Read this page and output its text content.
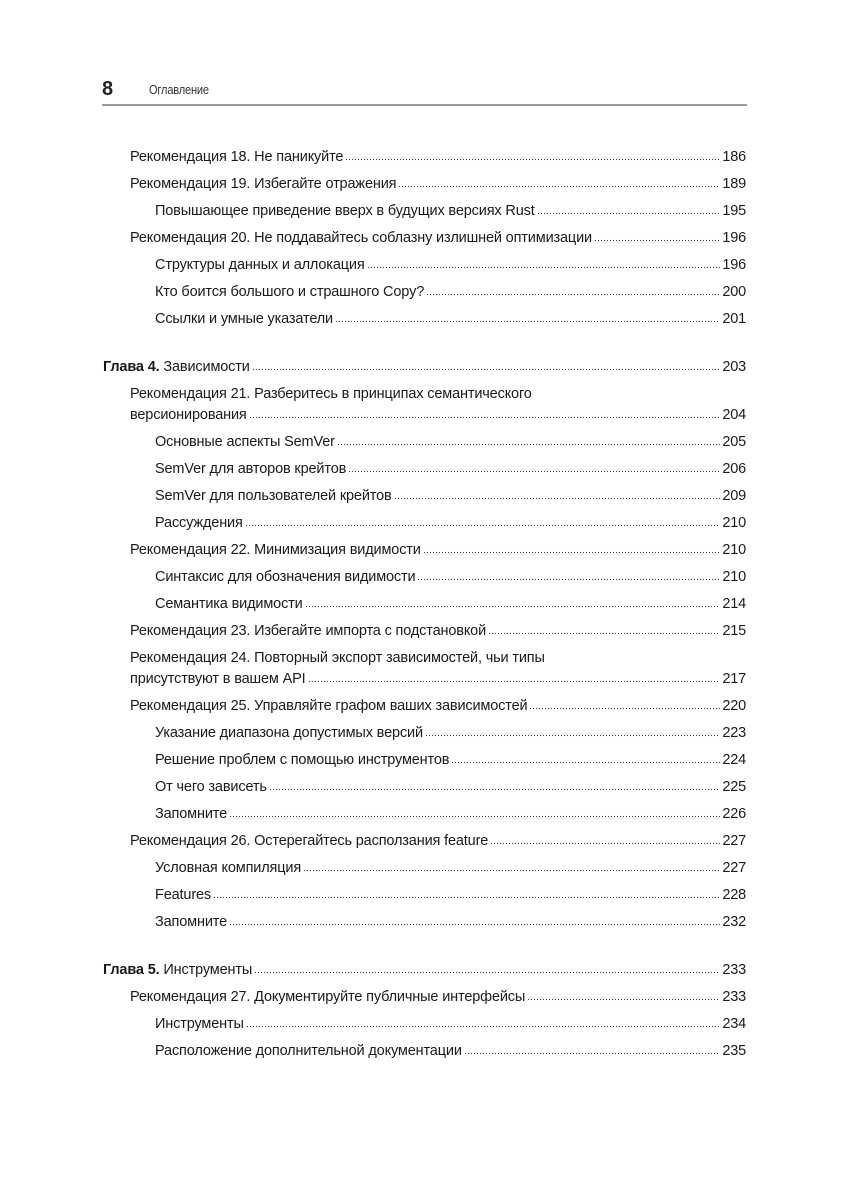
8	Оглавление
Рекомендация 18. Не паникуйте	186
Рекомендация 19. Избегайте отражения	189
Повышающее приведение вверх в будущих версиях Rust	195
Рекомендация 20. Не поддавайтесь соблазну излишней оптимизации	196
Структуры данных и аллокация	196
Кто боится большого и страшного Copy?	200
Ссылки и умные указатели	201
Глава 4. Зависимости	203
Рекомендация 21. Разберитесь в принципах семантического
версионирования	204
Основные аспекты SemVer	205
SemVer для авторов крейтов	206
SemVer для пользователей крейтов	209
Рассуждения	210
Рекомендация 22. Минимизация видимости	210
Синтаксис для обозначения видимости	210
Семантика видимости	214
Рекомендация 23. Избегайте импорта с подстановкой	215
Рекомендация 24. Повторный экспорт зависимостей, чьи типы
присутствуют в вашем API	217
Рекомендация 25. Управляйте графом ваших зависимостей	220
Указание диапазона допустимых версий	223
Решение проблем с помощью инструментов	224
От чего зависеть	225
Запомните	226
Рекомендация 26. Остерегайтесь расползания feature	227
Условная компиляция	227
Features	228
Запомните	232
Глава 5. Инструменты	233
Рекомендация 27. Документируйте публичные интерфейсы	233
Инструменты	234
Расположение дополнительной документации	235
